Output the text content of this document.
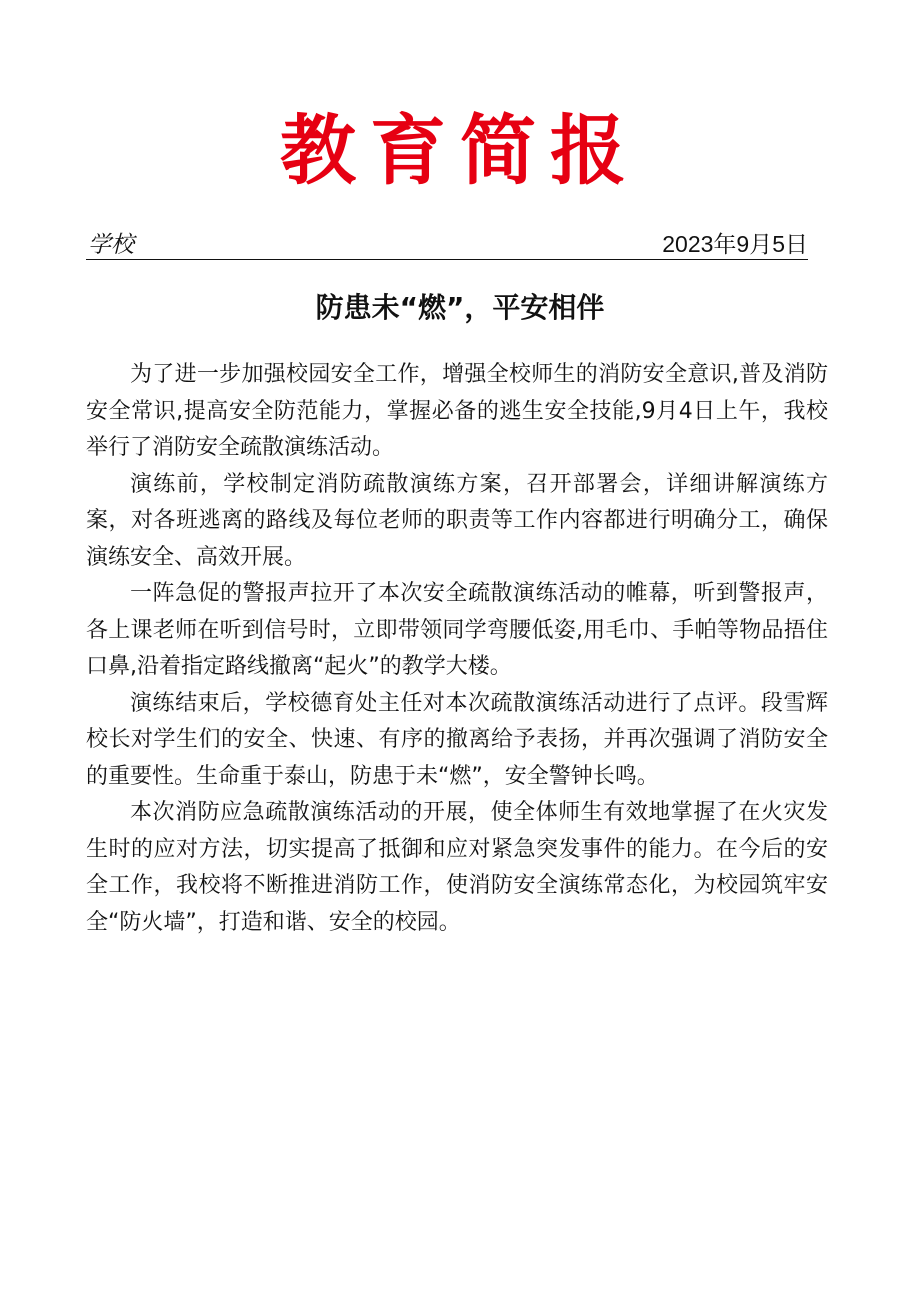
教育简报
学校	2023年9月5日
防患未“燃”，平安相伴

为了进一步加强校园安全工作，增强全校师生的消防安全意识,普及消防安全常识,提高安全防范能力，掌握必备的逃生安全技能,9月4日上午，我校举行了消防安全疏散演练活动。

演练前，学校制定消防疏散演练方案，召开部署会，详细讲解演练方案，对各班逃离的路线及每位老师的职责等工作内容都进行明确分工，确保演练安全、高效开展。

一阵急促的警报声拉开了本次安全疏散演练活动的帷幕，听到警报声，各上课老师在听到信号时，立即带领同学弯腰低姿,用毛巾、手帕等物品捂住口鼻,沿着指定路线撤离“起火”的教学大楼。

演练结束后，学校德育处主任对本次疏散演练活动进行了点评。段雪辉校长对学生们的安全、快速、有序的撤离给予表扬，并再次强调了消防安全的重要性。生命重于泰山，防患于未“燃”，安全警钟长鸣。

本次消防应急疏散演练活动的开展，使全体师生有效地掌握了在火灾发生时的应对方法，切实提高了抵御和应对紧急突发事件的能力。在今后的安全工作，我校将不断推进消防工作，使消防安全演练常态化，为校园筑牢安全“防火墙”，打造和谐、安全的校园。
